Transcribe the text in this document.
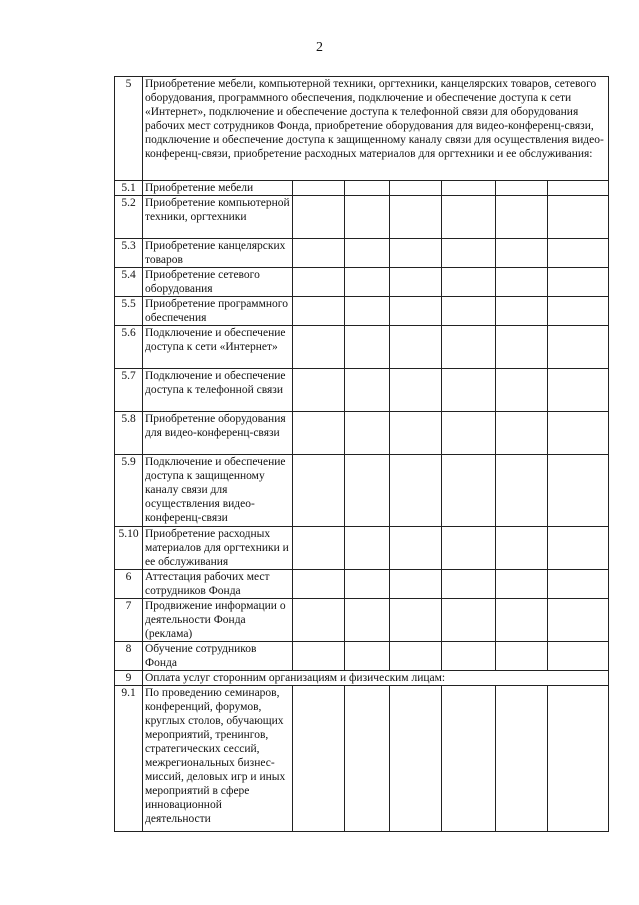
2
5	Приобретение мебели, компьютерной техники, оргтехники, канцелярских товаров, сетевого оборудования, программного обеспечения, подключение и обеспечение доступа к сети «Интернет», подключение и обеспечение доступа к телефонной связи для оборудования рабочих мест сотрудников Фонда, приобретение оборудования для видео-конференц-связи, подключение и обеспечение доступа к защищенному каналу связи для осуществления видео-конференц-связи, приобретение расходных материалов для оргтехники и ее обслуживания:						
5.1	Приобретение мебели						
5.2	Приобретение компьютерной техники, оргтехники						
5.3	Приобретение канцелярских товаров						
5.4	Приобретение сетевого оборудования						
5.5	Приобретение программного обеспечения						
5.6	Подключение и обеспечение доступа к сети «Интернет»						
5.7	Подключение и обеспечение доступа к телефонной связи						
5.8	Приобретение оборудования для видео-конференц-связи						
5.9	Подключение и обеспечение доступа к защищенному каналу связи для осуществления видео-конференц-связи						
5.10	Приобретение расходных материалов для оргтехники и ее обслуживания						
6	Аттестация рабочих мест сотрудников Фонда						
7	Продвижение информации о деятельности Фонда (реклама)						
8	Обучение сотрудников Фонда						
9	Оплата услуг сторонним организациям и физическим лицам:						
9.1	По проведению семинаров, конференций, форумов, круглых столов, обучающих мероприятий, тренингов, стратегических сессий, межрегиональных бизнес-миссий, деловых игр и иных мероприятий в сфере инновационной деятельности						
